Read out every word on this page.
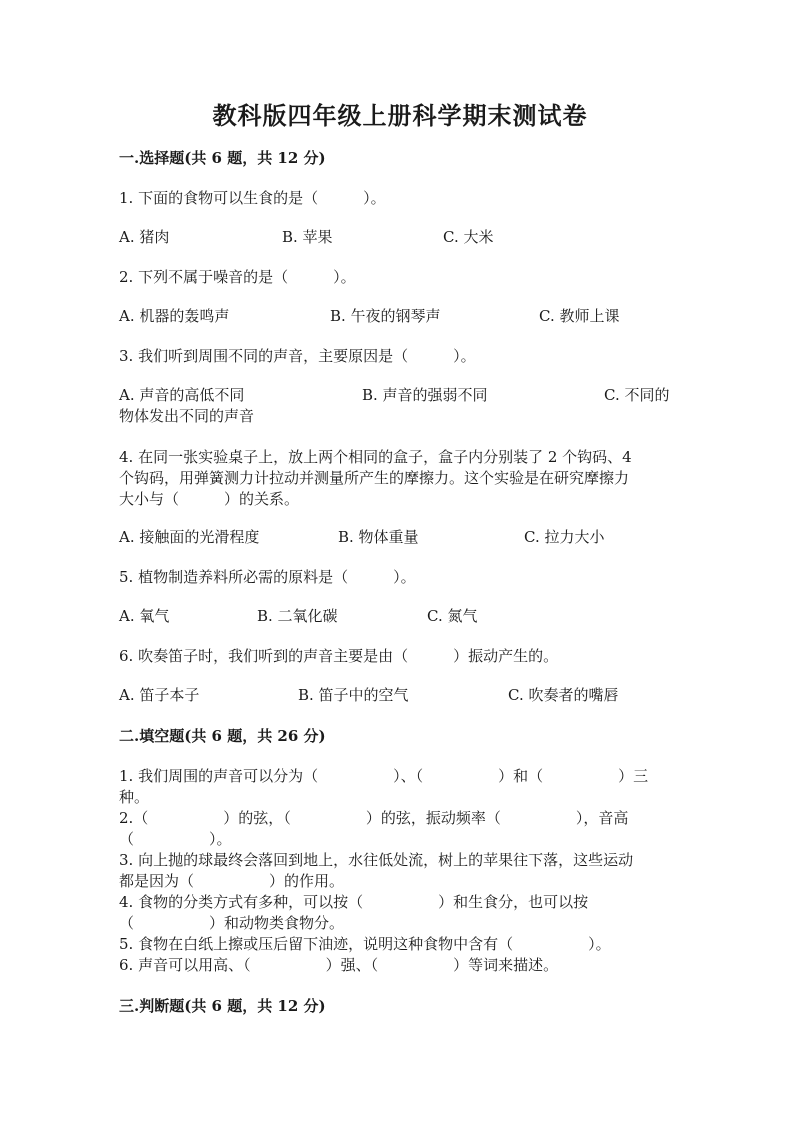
教科版四年级上册科学期末测试卷
一.选择题(共 6 题，共 12 分)
1. 下面的食物可以生食的是（　　　）。
A. 猪肉	B. 苹果	C. 大米
2. 下列不属于噪音的是（　　　）。
A. 机器的轰鸣声	B. 午夜的钢琴声	C. 教师上课
3. 我们听到周围不同的声音，主要原因是（　　　）。
A. 声音的高低不同	B. 声音的强弱不同	C. 不同的
物体发出不同的声音
4. 在同一张实验桌子上，放上两个相同的盒子，盒子内分别装了 2 个钩码、4
个钩码，用弹簧测力计拉动并测量所产生的摩擦力。这个实验是在研究摩擦力
大小与（　　　）的关系。
A. 接触面的光滑程度	B. 物体重量	C. 拉力大小
5. 植物制造养料所必需的原料是（　　　）。
A. 氧气	B. 二氧化碳	C. 氮气
6. 吹奏笛子时，我们听到的声音主要是由（　　　）振动产生的。
A. 笛子本子	B. 笛子中的空气	C. 吹奏者的嘴唇
二.填空题(共 6 题，共 26 分)
1. 我们周围的声音可以分为（　　　　　）、（　　　　　）和（　　　　　）三
种。
2.（　　　　　）的弦，（　　　　　）的弦，振动频率（　　　　　），音高
（　　　　　）。
3. 向上抛的球最终会落回到地上，水往低处流，树上的苹果往下落，这些运动
都是因为（　　　　　）的作用。
4. 食物的分类方式有多种，可以按（　　　　　）和生食分，也可以按
（　　　　　）和动物类食物分。
5. 食物在白纸上擦或压后留下油迹，说明这种食物中含有（　　　　　）。
6. 声音可以用高、（　　　　　）强、（　　　　　）等词来描述。
三.判断题(共 6 题，共 12 分)
